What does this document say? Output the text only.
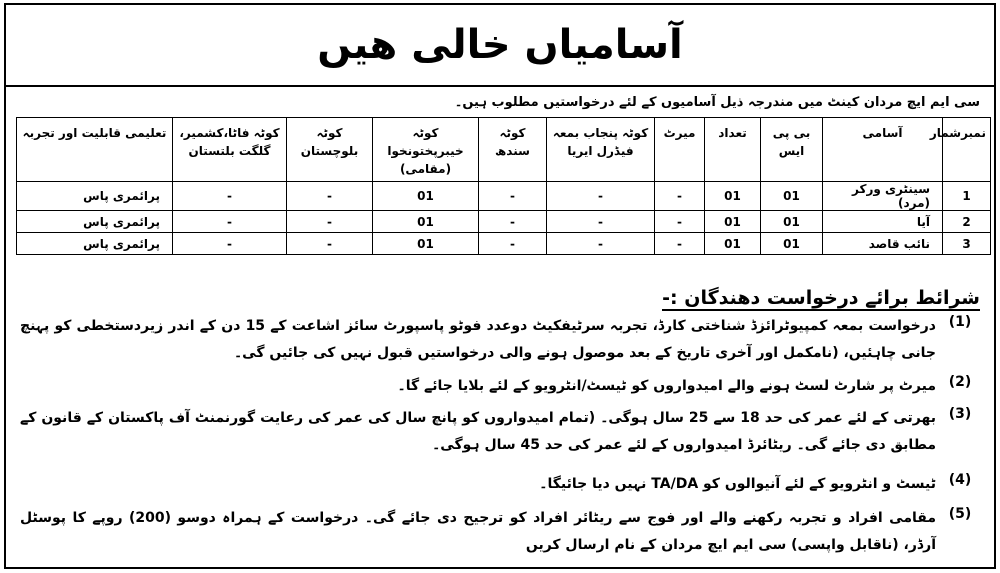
آسامیاں خالی ھیں
سی ایم ایچ مردان کینٹ میں مندرجہ ذیل آسامیوں کے لئے درخواستیں مطلوب ہیں۔
نمبرشمار	آسامی	بی پی ایس	تعداد	میرٹ	کوٹہ پنجاب بمعہ فیڈرل ایریا	کوٹہ سندھ	کوٹہ خیبرپختونخوا (مقامی)	کوٹہ بلوچستان	کوٹہ فاٹا،کشمیر، گلگت بلتستان	تعلیمی قابلیت اور تجربہ
1	سینٹری ورکر (مرد)	01	01	-	-	-	01	-	-	پرائمری پاس
2	آیا	01	01	-	-	-	01	-	-	پرائمری پاس
3	نائب قاصد	01	01	-	-	-	01	-	-	پرائمری پاس
شرائط برائے درخواست دھندگان :-
(1)
درخواست بمعہ کمپیوٹرائزڈ شناختی کارڈ، تجربہ سرٹیفکیٹ دوعدد فوٹو پاسپورٹ سائز اشاعت کے 15 دن کے اندر زیردستخطی کو پہنچ جانی چاہئیں، (نامکمل اور آخری تاریخ کے بعد موصول ہونے والی درخواستیں قبول نہیں کی جائیں گی۔
(2)
میرٹ پر شارٹ لسٹ ہونے والے امیدواروں کو ٹیسٹ/انٹرویو کے لئے بلایا جائے گا۔
(3)
بھرتی کے لئے عمر کی حد 18 سے 25 سال ہوگی۔ (تمام امیدواروں کو پانچ سال کی عمر کی رعایت گورنمنٹ آف پاکستان کے قانون کے مطابق دی جائے گی۔ ریٹائرڈ امیدواروں کے لئے عمر کی حد 45 سال ہوگی۔
(4)
ٹیسٹ و انٹرویو کے لئے آنیوالوں کو TA/DA نہیں دیا جائیگا۔
(5)
مقامی افراد و تجربہ رکھنے والے اور فوج سے ریٹائر افراد کو ترجیح دی جائے گی۔ درخواست کے ہمراہ دوسو (200) روپے کا پوسٹل آرڈر، (ناقابل واپسی) سی ایم ایچ مردان کے نام ارسال کریں
